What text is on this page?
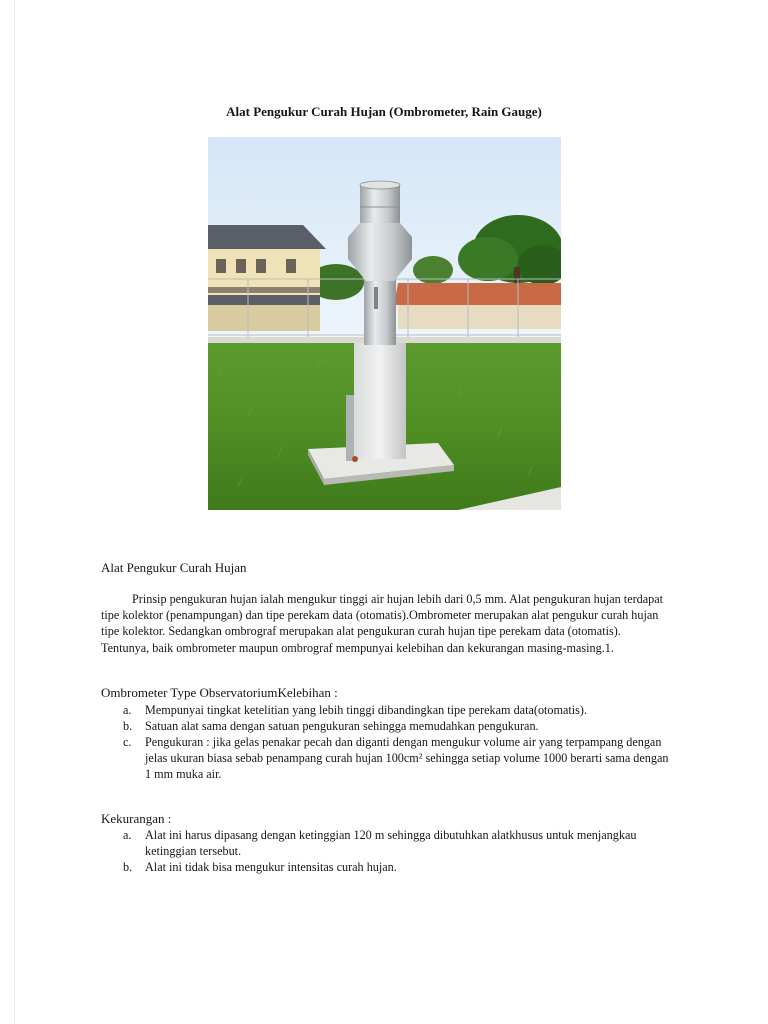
Alat Pengukur Curah Hujan (Ombrometer, Rain Gauge)
Alat Pengukur Curah Hujan

Prinsip pengukuran hujan ialah mengukur tinggi air hujan lebih dari 0,5 mm. Alat pengukuran hujan terdapat tipe kolektor (penampungan) dan tipe perekam data (otomatis).Ombrometer merupakan alat pengukur curah hujan tipe kolektor. Sedangkan ombrograf merupakan alat pengukuran curah hujan tipe perekam data (otomatis). Tentunya, baik ombrometer maupun ombrograf mempunyai kelebihan dan kekurangan masing-masing.1.

Ombrometer Type ObservatoriumKelebihan :
a. Mempunyai tingkat ketelitian yang lebih tinggi dibandingkan tipe perekam data(otomatis).
b. Satuan alat sama dengan satuan pengukuran sehingga memudahkan pengukuran.
c. Pengukuran : jika gelas penakar pecah dan diganti dengan mengukur volume air yang terpampang dengan jelas ukuran biasa sebab penampang curah hujan 100cm² sehingga setiap volume 1000 berarti sama dengan 1 mm muka air.
Kekurangan :
a. Alat ini harus dipasang dengan ketinggian 120 m sehingga dibutuhkan alatkhusus untuk menjangkau ketinggian tersebut.
b. Alat ini tidak bisa mengukur intensitas curah hujan.
